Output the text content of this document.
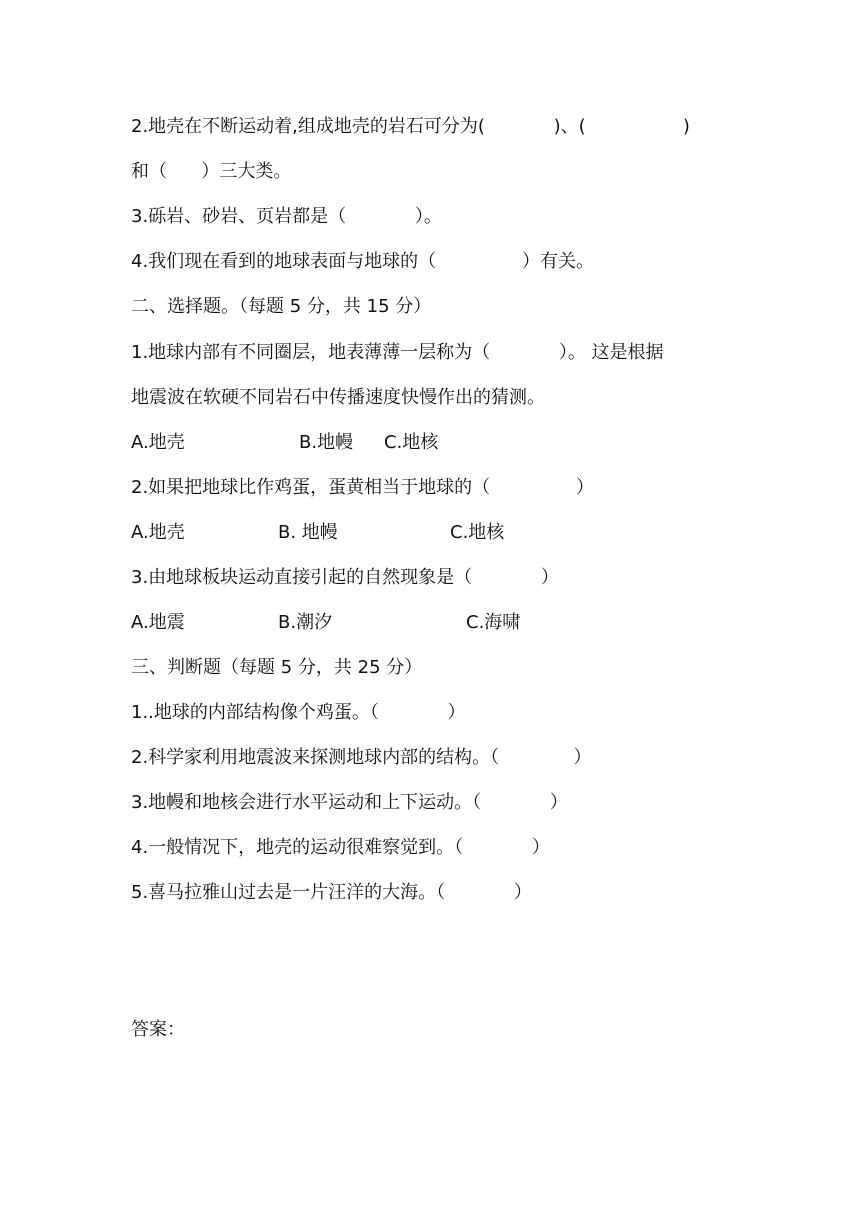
2.地壳在不断运动着,组成地壳的岩石可分为(            )、(                 )
和（      ）三大类。
3.砾岩、砂岩、页岩都是（            ）。
4.我们现在看到的地球表面与地球的（               ）有关。
二、选择题。（每题 5 分，共 15 分）
1.地球内部有不同圈层，地表薄薄一层称为（            ）。 这是根据
地震波在软硬不同岩石中传播速度快慢作出的猜测。
A.地壳	B.地幔 C.地核
2.如果把地球比作鸡蛋，蛋黄相当于地球的（               ）
A.地壳	B. 地幔	C.地核
3.由地球板块运动直接引起的自然现象是（            ）
A.地震	B.潮汐	C.海啸
三、判断题（每题 5 分，共 25 分）
1..地球的内部结构像个鸡蛋。（            ）
2.科学家利用地震波来探测地球内部的结构。（             ）
3.地幔和地核会进行水平运动和上下运动。（            ）
4.一般情况下，地壳的运动很难察觉到。（            ）
5.喜马拉雅山过去是一片汪洋的大海。（            ）
答案：
